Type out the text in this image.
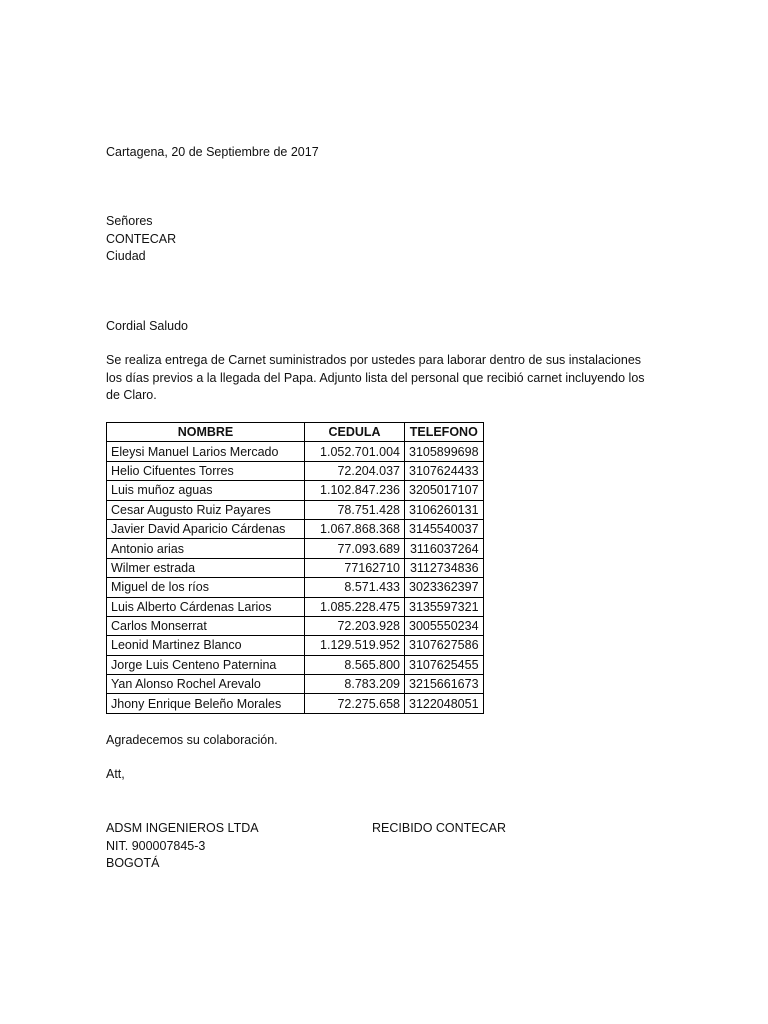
Cartagena, 20 de Septiembre de 2017
Señores
CONTECAR
Ciudad
Cordial Saludo
Se realiza entrega de Carnet suministrados por ustedes para laborar dentro de sus instalaciones
los días previos a la llegada del Papa. Adjunto lista del personal que recibió carnet incluyendo los
de Claro.
NOMBRE	CEDULA	TELEFONO
Eleysi Manuel Larios Mercado	1.052.701.004	3105899698
Helio Cifuentes Torres	72.204.037	3107624433
Luis muñoz aguas	1.102.847.236	3205017107
Cesar Augusto Ruiz Payares	78.751.428	3106260131
Javier David Aparicio Cárdenas	1.067.868.368	3145540037
Antonio arias	77.093.689	3116037264
Wilmer estrada	77162710	3112734836
Miguel de los ríos	8.571.433	3023362397
Luis Alberto Cárdenas Larios	1.085.228.475	3135597321
Carlos Monserrat	72.203.928	3005550234
Leonid Martinez Blanco	1.129.519.952	3107627586
Jorge Luis Centeno Paternina	8.565.800	3107625455
Yan Alonso Rochel Arevalo	8.783.209	3215661673
Jhony Enrique Beleño Morales	72.275.658	3122048051
Agradecemos su colaboración.
Att,
ADSM INGENIEROS LTDA
NIT. 900007845-3
BOGOTÁ
RECIBIDO CONTECAR
